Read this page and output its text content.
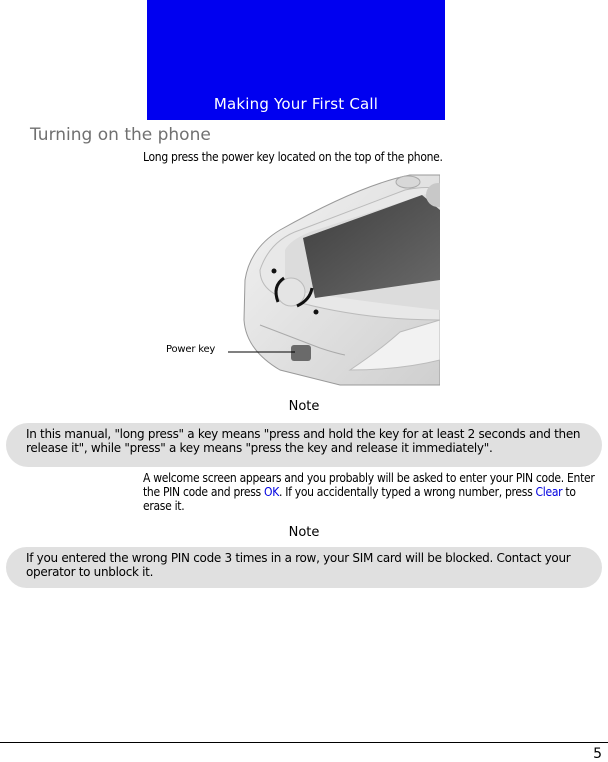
Making Your First Call
Turning on the phone
Long press the power key located on the top of the phone.
Power key
Note
In this manual, "long press" a key means "press and hold the key for at least 2 seconds and then release it", while "press" a key means "press the key and release it immediately".
A welcome screen appears and you probably will be asked to enter your PIN code. Enter the PIN code and press OK. If you accidentally typed a wrong number, press Clear to erase it.
Note
If you entered the wrong PIN code 3 times in a row, your SIM card will be blocked. Contact your operator to unblock it.
5
